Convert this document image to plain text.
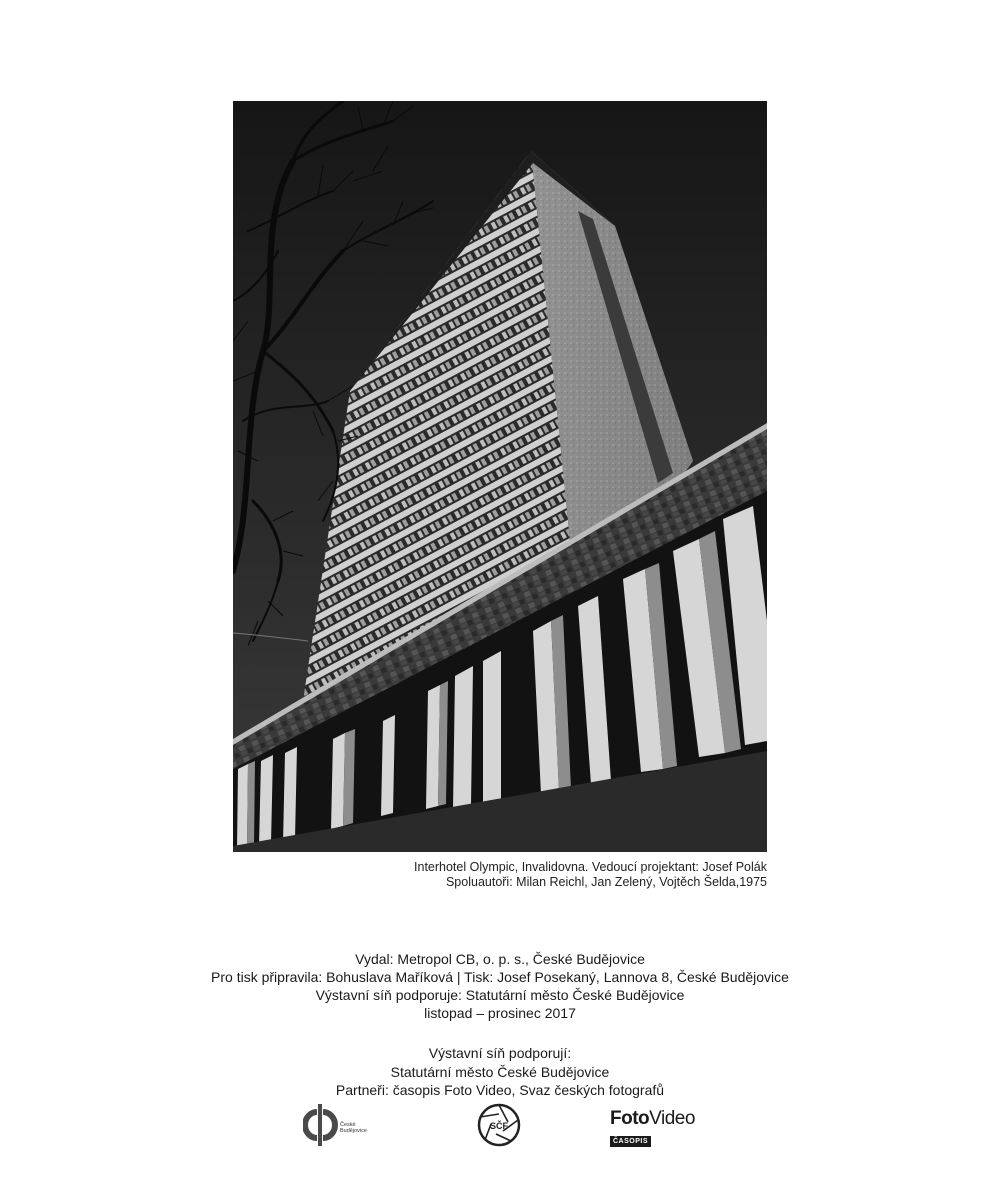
Interhotel Olympic, Invalidovna. Vedoucí projektant: Josef Polák
Spoluautoři: Milan Reichl, Jan Zelený, Vojtěch Šelda,1975
Vydal: Metropol CB, o. p. s., České Budějovice
Pro tisk připravila: Bohuslava Maříková | Tisk: Josef Posekaný, Lannova 8, České Budějovice
Výstavní síň podporuje: Statutární město České Budějovice
listopad – prosinec 2017
Výstavní síň podporují:
Statutární město České Budějovice
Partneři: časopis Foto Video, Svaz českých fotografů
České
Budějovice	SČF	FotoVideo
ČASOPIS
